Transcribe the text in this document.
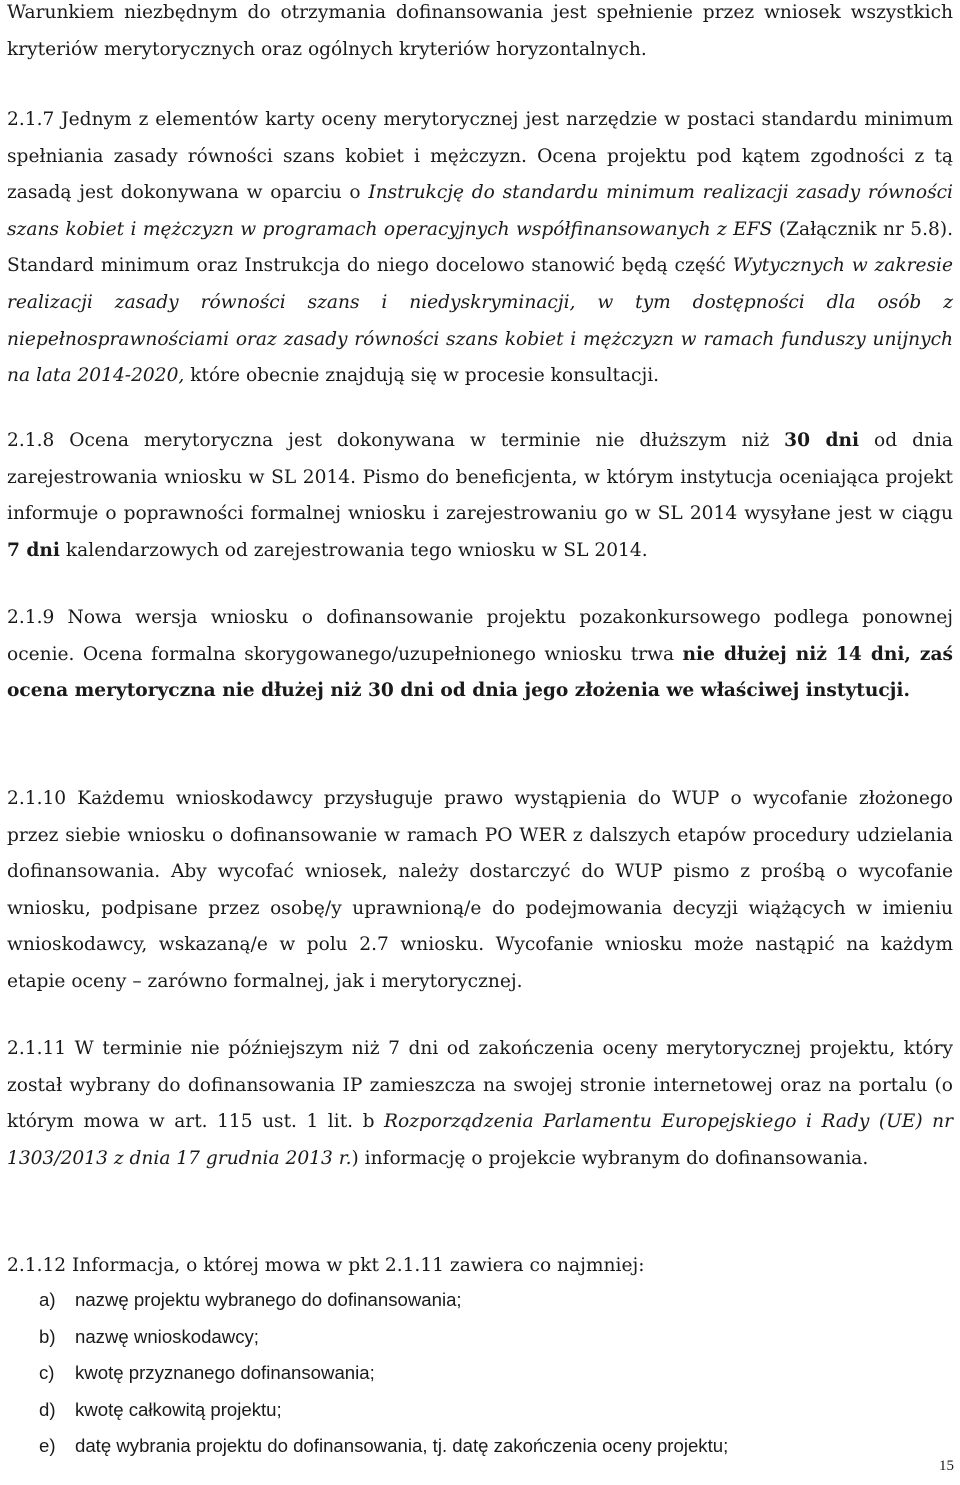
Warunkiem niezbędnym do otrzymania dofinansowania jest spełnienie przez wniosek wszystkich kryteriów merytorycznych oraz ogólnych kryteriów horyzontalnych.

2.1.7 Jednym z elementów karty oceny merytorycznej jest narzędzie w postaci standardu minimum spełniania zasady równości szans kobiet i mężczyzn. Ocena projektu pod kątem zgodności z tą zasadą jest dokonywana w oparciu o Instrukcję do standardu minimum realizacji zasady równości szans kobiet i mężczyzn w programach operacyjnych współfinansowanych z EFS (Załącznik nr 5.8). Standard minimum oraz Instrukcja do niego docelowo stanowić będą część Wytycznych w zakresie realizacji zasady równości szans i niedyskryminacji, w tym dostępności dla osób z niepełnosprawnościami oraz zasady równości szans kobiet i mężczyzn w ramach funduszy unijnych na lata 2014-2020, które obecnie znajdują się w procesie konsultacji.

2.1.8 Ocena merytoryczna jest dokonywana w terminie nie dłuższym niż 30 dni od dnia zarejestrowania wniosku w SL 2014. Pismo do beneficjenta, w którym instytucja oceniająca projekt informuje o poprawności formalnej wniosku i zarejestrowaniu go w SL 2014 wysyłane jest w ciągu 7 dni kalendarzowych od zarejestrowania tego wniosku w SL 2014.

2.1.9 Nowa wersja wniosku o dofinansowanie projektu pozakonkursowego podlega ponownej ocenie. Ocena formalna skorygowanego/uzupełnionego wniosku trwa nie dłużej niż 14 dni, zaś ocena merytoryczna nie dłużej niż 30 dni od dnia jego złożenia we właściwej instytucji.

2.1.10 Każdemu wnioskodawcy przysługuje prawo wystąpienia do WUP o wycofanie złożonego przez siebie wniosku o dofinansowanie w ramach PO WER z dalszych etapów procedury udzielania dofinansowania. Aby wycofać wniosek, należy dostarczyć do WUP pismo z prośbą o wycofanie wniosku, podpisane przez osobę/y uprawnioną/e do podejmowania decyzji wiążących w imieniu wnioskodawcy, wskazaną/e w polu 2.7 wniosku. Wycofanie wniosku może nastąpić na każdym etapie oceny – zarówno formalnej, jak i merytorycznej.

2.1.11 W terminie nie późniejszym niż 7 dni od zakończenia oceny merytorycznej projektu, który został wybrany do dofinansowania IP zamieszcza na swojej stronie internetowej oraz na portalu (o którym mowa w art. 115 ust. 1 lit. b Rozporządzenia Parlamentu Europejskiego i Rady (UE) nr 1303/2013 z dnia 17 grudnia 2013 r.) informację o projekcie wybranym do dofinansowania.

2.1.12 Informacja, o której mowa w pkt 2.1.11 zawiera co najmniej:

a)	nazwę projektu wybranego do dofinansowania;
b)	nazwę wnioskodawcy;
c)	kwotę przyznanego dofinansowania;
d)	kwotę całkowitą projektu;
e)	datę wybrania projektu do dofinansowania, tj. datę zakończenia oceny projektu;
15
